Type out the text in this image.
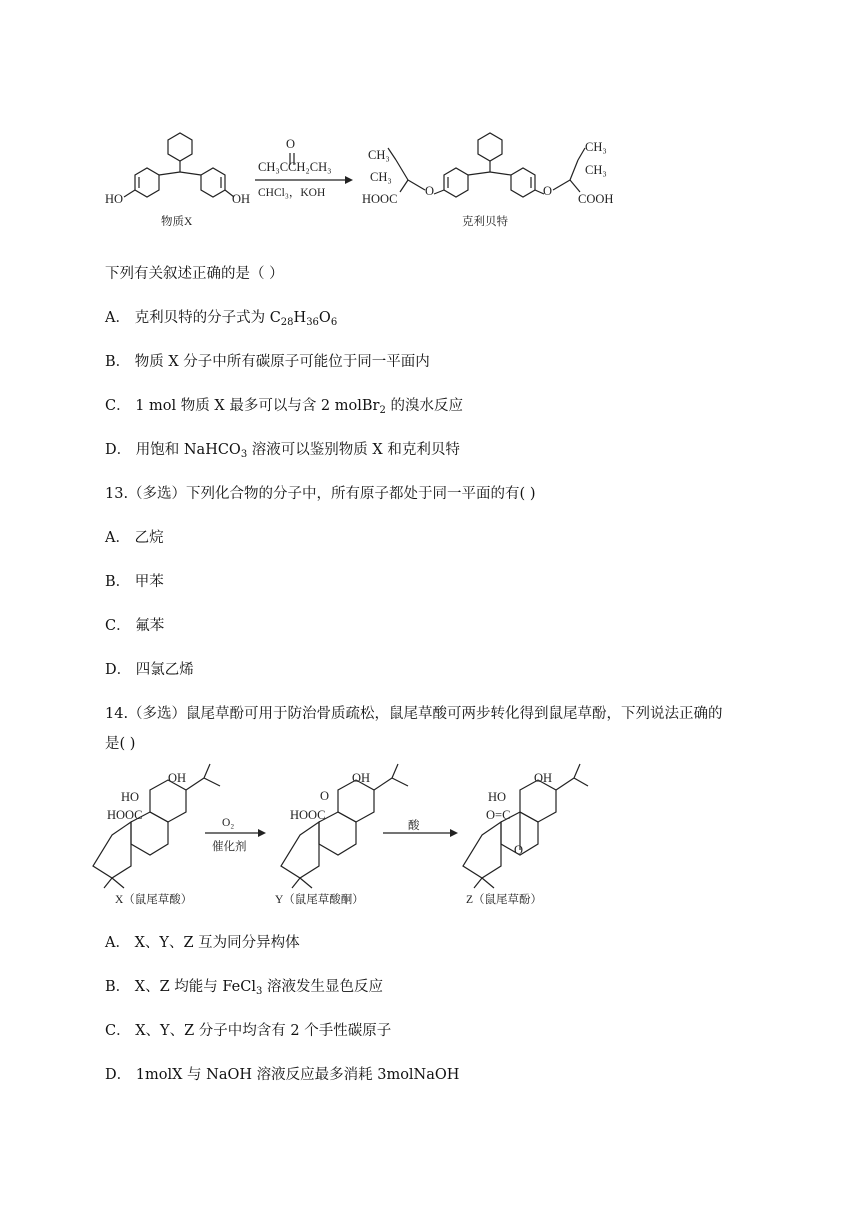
HO	OH
物质X
O
CH₃CCH₂CH₃
CHCl₃，KOH
CH₃
CH₃
HOOC
O	O
CH₃
CH₃
COOH
克利贝特
下列有关叙述正确的是（ ）
A． 克利贝特的分子式为 $C_{28}H_{36}O_6$
B． 物质 X 分子中所有碳原子可能位于同一平面内
C． 1 mol 物质 X 最多可以与含 2 molBr$_2$ 的溴水反应
D． 用饱和 NaHCO$_3$ 溶液可以鉴别物质 X 和克利贝特
13.（多选）下列化合物的分子中，所有原子都处于同一平面的有( )
A． 乙烷
B． 甲苯
C． 氟苯
D． 四氯乙烯
14.（多选）鼠尾草酚可用于防治骨质疏松，鼠尾草酸可两步转化得到鼠尾草酚，下列说法正确的
是( )
OH
HO
HOOC
O₂
催化剂
X（鼠尾草酸）
OH
O
HOOC
Y（鼠尾草酸酮）
酸
OH
HO
O=C
O
Z（鼠尾草酚）
A． X、Y、Z 互为同分异构体
B． X、Z 均能与 FeCl$_3$ 溶液发生显色反应
C． X、Y、Z 分子中均含有 2 个手性碳原子
D． 1molX 与 NaOH 溶液反应最多消耗 3molNaOH
